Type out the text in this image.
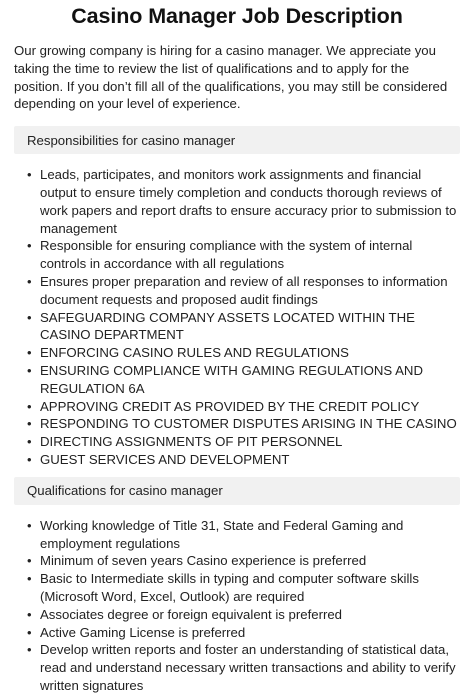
Casino Manager Job Description

Our growing company is hiring for a casino manager. We appreciate you taking the time to review the list of qualifications and to apply for the position. If you don’t fill all of the qualifications, you may still be considered depending on your level of experience.

Responsibilities for casino manager
• Leads, participates, and monitors work assignments and financial output to ensure timely completion and conducts thorough reviews of work papers and report drafts to ensure accuracy prior to submission to management
• Responsible for ensuring compliance with the system of internal controls in accordance with all regulations
• Ensures proper preparation and review of all responses to information document requests and proposed audit findings
• SAFEGUARDING COMPANY ASSETS LOCATED WITHIN THE CASINO DEPARTMENT
• ENFORCING CASINO RULES AND REGULATIONS
• ENSURING COMPLIANCE WITH GAMING REGULATIONS AND REGULATION 6A
• APPROVING CREDIT AS PROVIDED BY THE CREDIT POLICY
• RESPONDING TO CUSTOMER DISPUTES ARISING IN THE CASINO
• DIRECTING ASSIGNMENTS OF PIT PERSONNEL
• GUEST SERVICES AND DEVELOPMENT
Qualifications for casino manager
• Working knowledge of Title 31, State and Federal Gaming and employment regulations
• Minimum of seven years Casino experience is preferred
• Basic to Intermediate skills in typing and computer software skills (Microsoft Word, Excel, Outlook) are required
• Associates degree or foreign equivalent is preferred
• Active Gaming License is preferred
• Develop written reports and foster an understanding of statistical data, read and understand necessary written transactions and ability to verify written signatures
